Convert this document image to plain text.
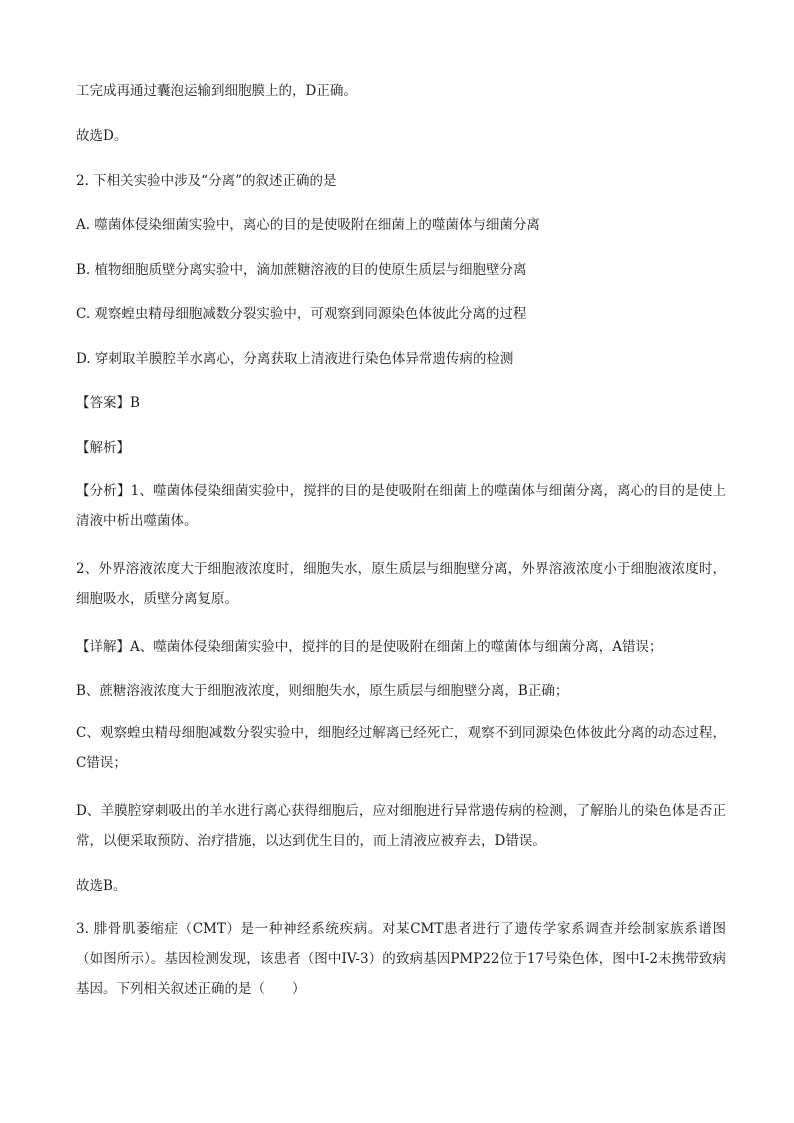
工完成再通过囊泡运输到细胞膜上的，D正确。
故选D。
2. 下相关实验中涉及“分离”的叙述正确的是
A. 噬菌体侵染细菌实验中，离心的目的是使吸附在细菌上的噬菌体与细菌分离
B. 植物细胞质壁分离实验中，滴加蔗糖溶液的目的使原生质层与细胞壁分离
C. 观察蝗虫精母细胞减数分裂实验中，可观察到同源染色体彼此分离的过程
D. 穿刺取羊膜腔羊水离心，分离获取上清液进行染色体异常遗传病的检测
【答案】B
【解析】
【分析】1、噬菌体侵染细菌实验中，搅拌的目的是使吸附在细菌上的噬菌体与细菌分离，离心的目的是使上清液中析出噬菌体。
2、外界溶液浓度大于细胞液浓度时，细胞失水，原生质层与细胞壁分离，外界溶液浓度小于细胞液浓度时，细胞吸水，质壁分离复原。
【详解】A、噬菌体侵染细菌实验中，搅拌的目的是使吸附在细菌上的噬菌体与细菌分离，A错误；
B、蔗糖溶液浓度大于细胞液浓度，则细胞失水，原生质层与细胞壁分离，B正确；
C、观察蝗虫精母细胞减数分裂实验中，细胞经过解离已经死亡，观察不到同源染色体彼此分离的动态过程，C错误；
D、羊膜腔穿刺吸出的羊水进行离心获得细胞后，应对细胞进行异常遗传病的检测，了解胎儿的染色体是否正常，以便采取预防、治疗措施，以达到优生目的，而上清液应被弃去，D错误。
故选B。
3. 腓骨肌萎缩症（CMT）是一种神经系统疾病。对某CMT患者进行了遗传学家系调查并绘制家族系谱图（如图所示）。基因检测发现，该患者（图中IV-3）的致病基因PMP22位于17号染色体，图中I-2未携带致病基因。下列相关叙述正确的是（　　）
